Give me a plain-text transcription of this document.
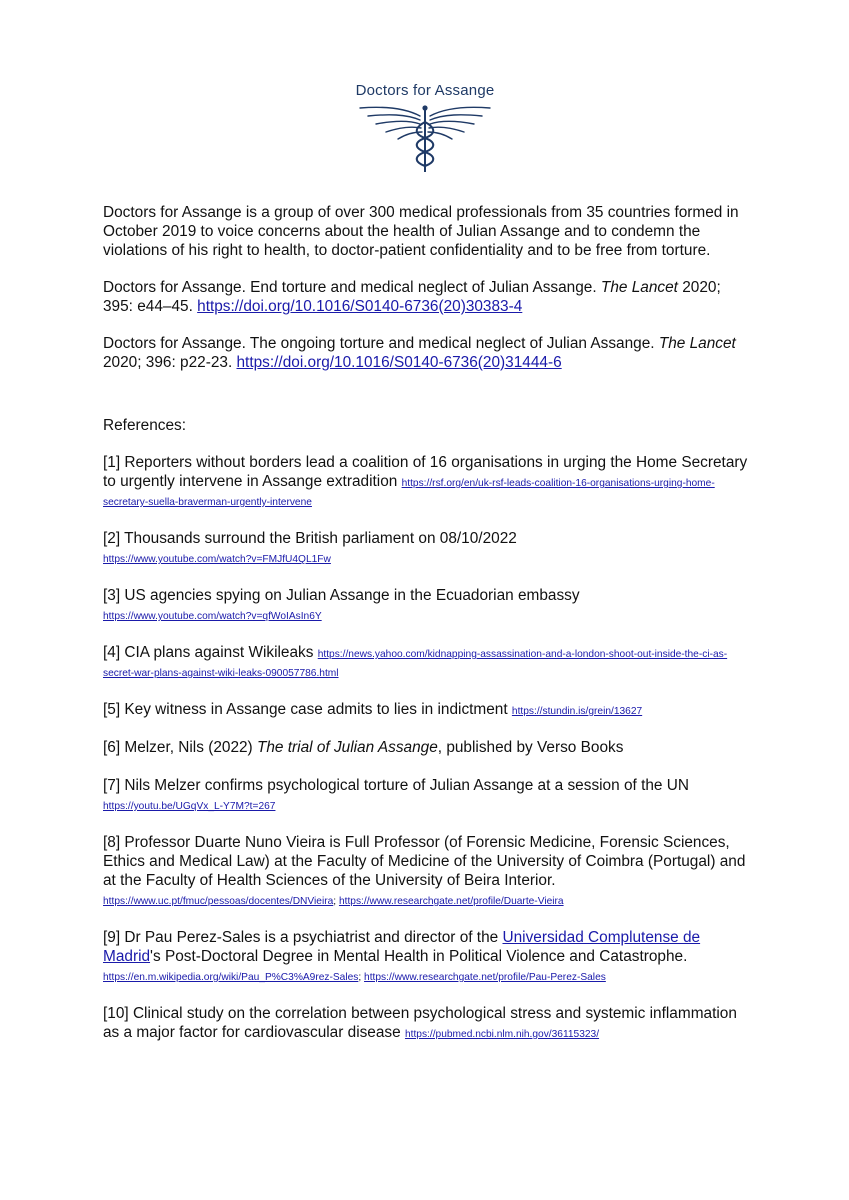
Doctors for Assange

Doctors for Assange is a group of over 300 medical professionals from 35 countries formed in October 2019 to voice concerns about the health of Julian Assange and to condemn the violations of his right to health, to doctor-patient confidentiality and to be free from torture.

Doctors for Assange. End torture and medical neglect of Julian Assange. The Lancet 2020; 395: e44–45. https://doi.org/10.1016/S0140-6736(20)30383-4

Doctors for Assange. The ongoing torture and medical neglect of Julian Assange. The Lancet 2020; 396: p22-23. https://doi.org/10.1016/S0140-6736(20)31444-6

References:

[1] Reporters without borders lead a coalition of 16 organisations in urging the Home Secretary to urgently intervene in Assange extradition https://rsf.org/en/uk-rsf-leads-coalition-16-organisations-urging-home-secretary-suella-braverman-urgently-intervene

[2] Thousands surround the British parliament on 08/10/2022
https://www.youtube.com/watch?v=FMJfU4QL1Fw

[3] US agencies spying on Julian Assange in the Ecuadorian embassy
https://www.youtube.com/watch?v=qfWoIAsIn6Y

[4] CIA plans against Wikileaks https://news.yahoo.com/kidnapping-assassination-and-a-london-shoot-out-inside-the-ci-as-secret-war-plans-against-wiki-leaks-090057786.html

[5] Key witness in Assange case admits to lies in indictment https://stundin.is/grein/13627

[6] Melzer, Nils (2022) The trial of Julian Assange, published by Verso Books

[7] Nils Melzer confirms psychological torture of Julian Assange at a session of the UN
https://youtu.be/UGqVx_L-Y7M?t=267

[8] Professor Duarte Nuno Vieira is Full Professor (of Forensic Medicine, Forensic Sciences, Ethics and Medical Law) at the Faculty of Medicine of the University of Coimbra (Portugal) and at the Faculty of Health Sciences of the University of Beira Interior.
https://www.uc.pt/fmuc/pessoas/docentes/DNVieira; https://www.researchgate.net/profile/Duarte-Vieira

[9] Dr Pau Perez-Sales is a psychiatrist and director of the Universidad Complutense de Madrid's Post-Doctoral Degree in Mental Health in Political Violence and Catastrophe.
https://en.m.wikipedia.org/wiki/Pau_P%C3%A9rez-Sales; https://www.researchgate.net/profile/Pau-Perez-Sales

[10] Clinical study on the correlation between psychological stress and systemic inflammation as a major factor for cardiovascular disease https://pubmed.ncbi.nlm.nih.gov/36115323/
